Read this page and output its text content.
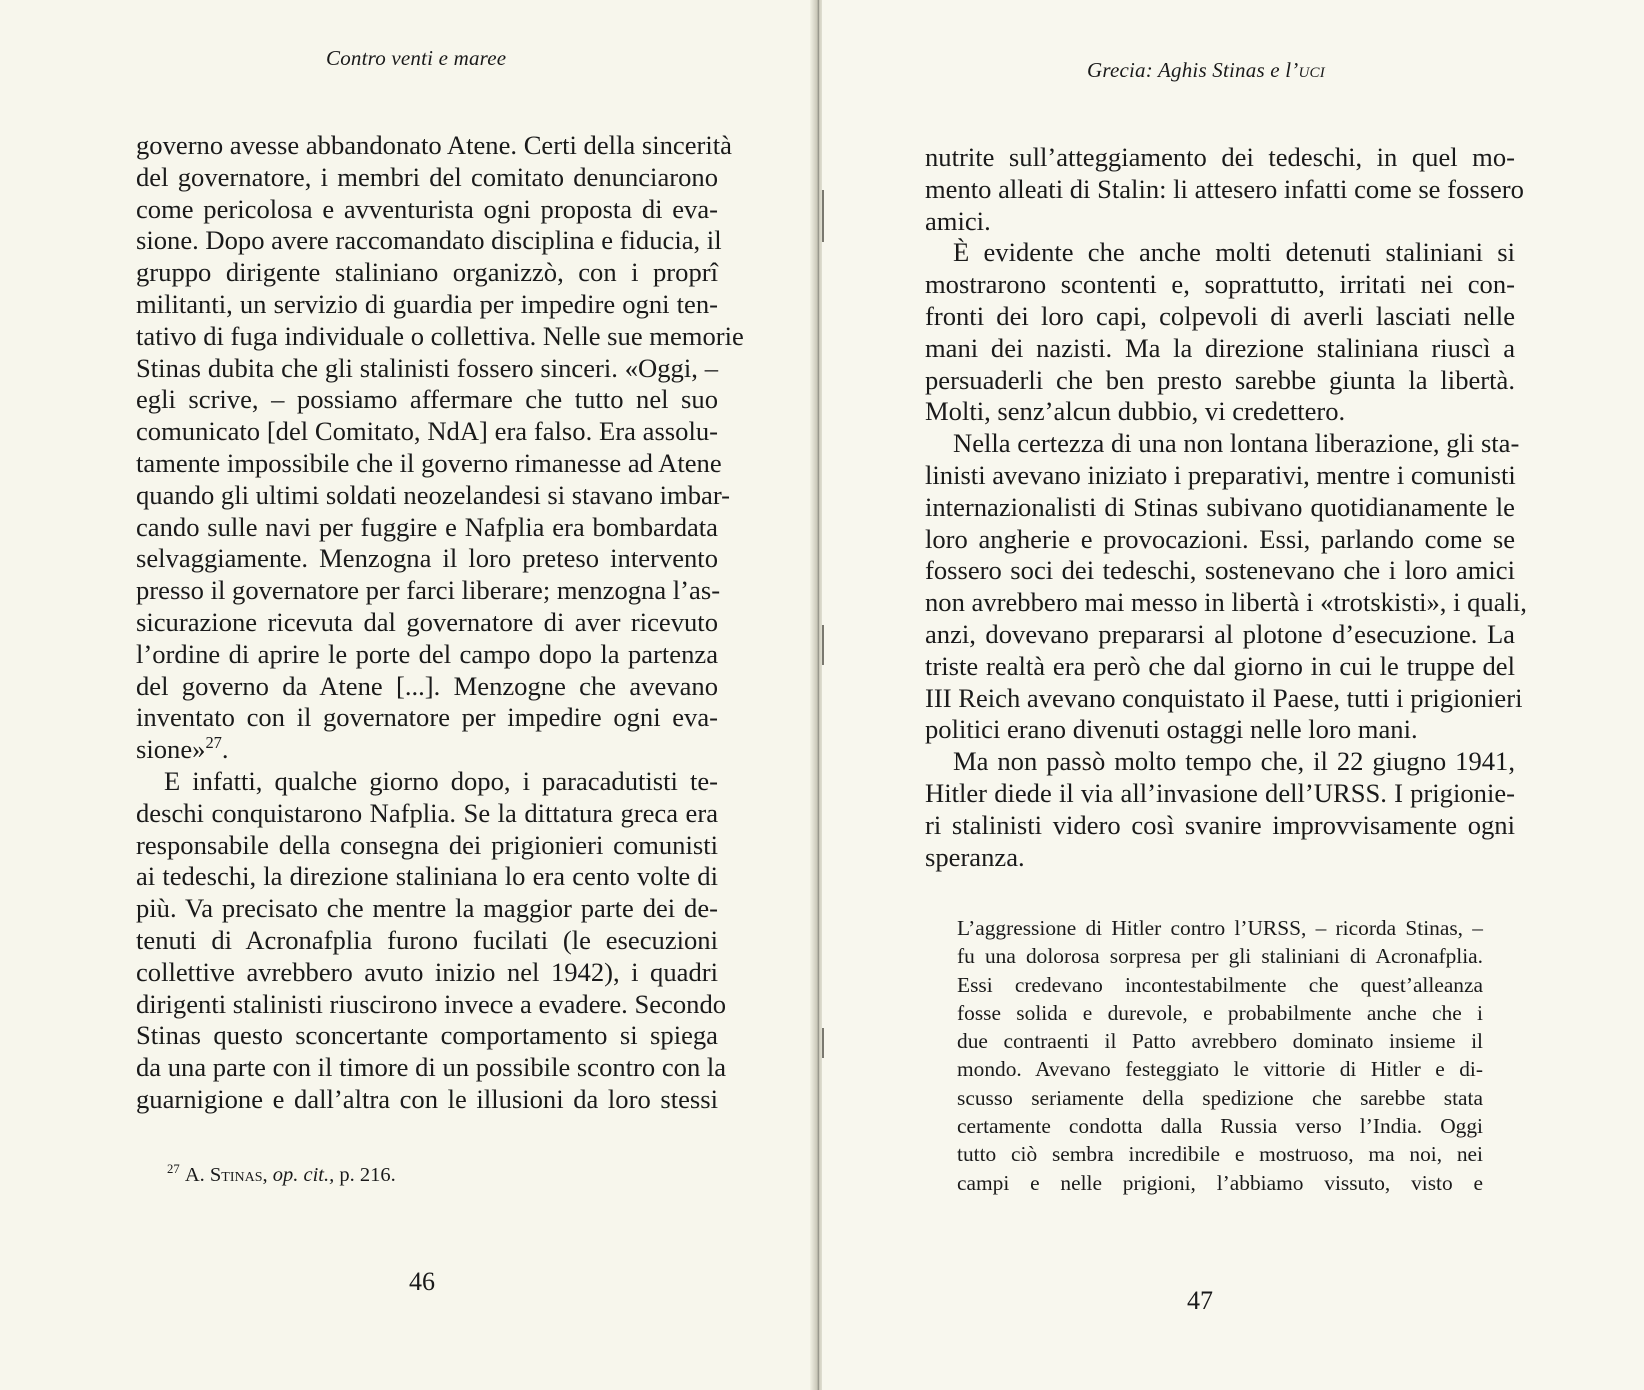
Contro venti e maree
governo avesse abbandonato Atene. Certi della sincerità
del governatore, i membri del comitato denunciarono
come pericolosa e avventurista ogni proposta di eva-
sione. Dopo avere raccomandato disciplina e fiducia, il
gruppo dirigente staliniano organizzò, con i proprî
militanti, un servizio di guardia per impedire ogni ten-
tativo di fuga individuale o collettiva. Nelle sue memorie
Stinas dubita che gli stalinisti fossero sinceri. «Oggi, –
egli scrive, – possiamo affermare che tutto nel suo
comunicato [del Comitato, NdA] era falso. Era assolu-
tamente impossibile che il governo rimanesse ad Atene
quando gli ultimi soldati neozelandesi si stavano imbar-
cando sulle navi per fuggire e Nafplia era bombardata
selvaggiamente. Menzogna il loro preteso intervento
presso il governatore per farci liberare; menzogna l’as-
sicurazione ricevuta dal governatore di aver ricevuto
l’ordine di aprire le porte del campo dopo la partenza
del governo da Atene [...]. Menzogne che avevano
inventato con il governatore per impedire ogni eva-
sione»$^{27}$.
E infatti, qualche giorno dopo, i paracadutisti te-
deschi conquistarono Nafplia. Se la dittatura greca era
responsabile della consegna dei prigionieri comunisti
ai tedeschi, la direzione staliniana lo era cento volte di
più. Va precisato che mentre la maggior parte dei de-
tenuti di Acronafplia furono fucilati (le esecuzioni
collettive avrebbero avuto inizio nel 1942), i quadri
dirigenti stalinisti riuscirono invece a evadere. Secondo
Stinas questo sconcertante comportamento si spiega
da una parte con il timore di un possibile scontro con la
guarnigione e dall’altra con le illusioni da loro stessi
$^{27}$ A. Stinas, op. cit., p. 216.
46
Grecia: Aghis Stinas e l’uci
nutrite sull’atteggiamento dei tedeschi, in quel mo-
mento alleati di Stalin: li attesero infatti come se fossero
amici.
È evidente che anche molti detenuti staliniani si
mostrarono scontenti e, soprattutto, irritati nei con-
fronti dei loro capi, colpevoli di averli lasciati nelle
mani dei nazisti. Ma la direzione staliniana riuscì a
persuaderli che ben presto sarebbe giunta la libertà.
Molti, senz’alcun dubbio, vi credettero.
Nella certezza di una non lontana liberazione, gli sta-
linisti avevano iniziato i preparativi, mentre i comunisti
internazionalisti di Stinas subivano quotidianamente le
loro angherie e provocazioni. Essi, parlando come se
fossero soci dei tedeschi, sostenevano che i loro amici
non avrebbero mai messo in libertà i «trotskisti», i quali,
anzi, dovevano prepararsi al plotone d’esecuzione. La
triste realtà era però che dal giorno in cui le truppe del
III Reich avevano conquistato il Paese, tutti i prigionieri
politici erano divenuti ostaggi nelle loro mani.
Ma non passò molto tempo che, il 22 giugno 1941,
Hitler diede il via all’invasione dell’URSS. I prigionie-
ri stalinisti videro così svanire improvvisamente ogni
speranza.
L’aggressione di Hitler contro l’URSS, – ricorda Stinas, –
fu una dolorosa sorpresa per gli staliniani di Acronafplia.
Essi credevano incontestabilmente che quest’alleanza
fosse solida e durevole, e probabilmente anche che i
due contraenti il Patto avrebbero dominato insieme il
mondo. Avevano festeggiato le vittorie di Hitler e di-
scusso seriamente della spedizione che sarebbe stata
certamente condotta dalla Russia verso l’India. Oggi
tutto ciò sembra incredibile e mostruoso, ma noi, nei
campi e nelle prigioni, l’abbiamo vissuto, visto e
47
